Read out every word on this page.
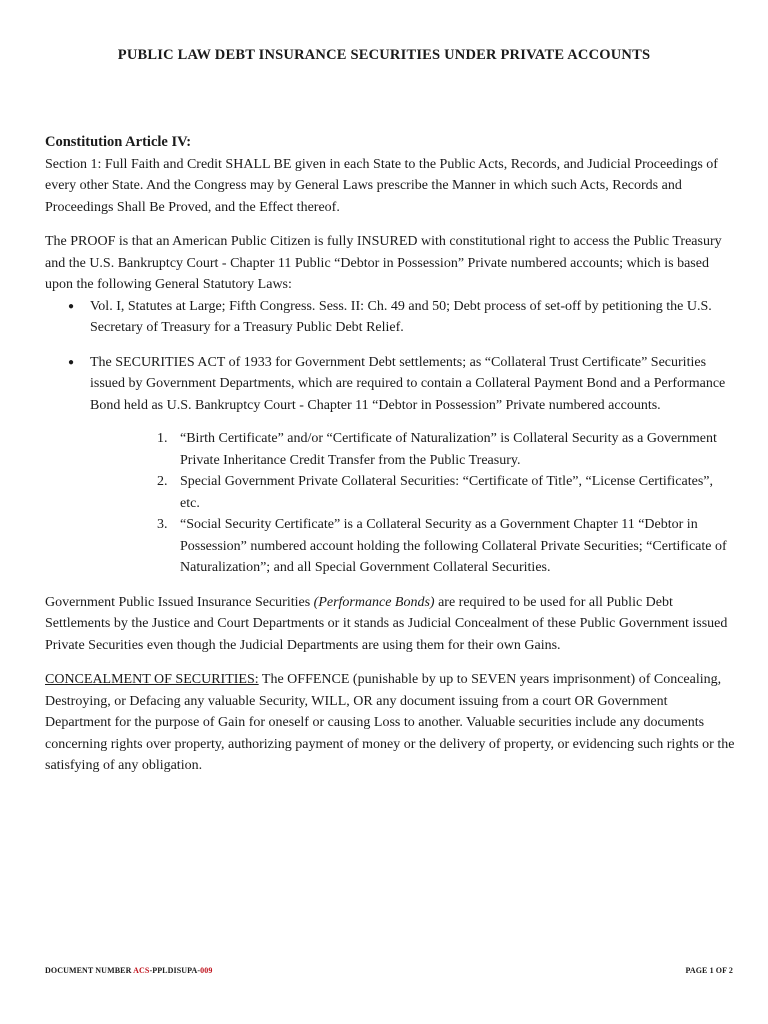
PUBLIC LAW DEBT INSURANCE SECURITIES UNDER PRIVATE ACCOUNTS

Constitution Article IV:

Section 1: Full Faith and Credit SHALL BE given in each State to the Public Acts, Records, and Judicial Proceedings of every other State. And the Congress may by General Laws prescribe the Manner in which such Acts, Records and Proceedings Shall Be Proved, and the Effect thereof.

The PROOF is that an American Public Citizen is fully INSURED with constitutional right to access the Public Treasury and the U.S. Bankruptcy Court - Chapter 11 Public “Debtor in Possession” Private numbered accounts; which is based upon the following General Statutory Laws:

● Vol. I, Statutes at Large; Fifth Congress. Sess. II: Ch. 49 and 50; Debt process of set-off by petitioning the U.S. Secretary of Treasury for a Treasury Public Debt Relief.
● The SECURITIES ACT of 1933 for Government Debt settlements; as “Collateral Trust Certificate” Securities issued by Government Departments, which are required to contain a Collateral Payment Bond and a Performance Bond held as U.S. Bankruptcy Court - Chapter 11 “Debtor in Possession” Private numbered accounts.
1. “Birth Certificate” and/or “Certificate of Naturalization” is Collateral Security as a Government Private Inheritance Credit Transfer from the Public Treasury.
2. Special Government Private Collateral Securities: “Certificate of Title”, “License Certificates”, etc.
3. “Social Security Certificate” is a Collateral Security as a Government Chapter 11 “Debtor in Possession” numbered account holding the following Collateral Private Securities; “Certificate of Naturalization”; and all Special Government Collateral Securities.

Government Public Issued Insurance Securities (Performance Bonds) are required to be used for all Public Debt Settlements by the Justice and Court Departments or it stands as Judicial Concealment of these Public Government issued Private Securities even though the Judicial Departments are using them for their own Gains.

CONCEALMENT OF SECURITIES: The OFFENCE (punishable by up to SEVEN years imprisonment) of Concealing, Destroying, or Defacing any valuable Security, WILL, OR any document issuing from a court OR Government Department for the purpose of Gain for oneself or causing Loss to another. Valuable securities include any documents concerning rights over property, authorizing payment of money or the delivery of property, or evidencing such rights or the satisfying of any obligation.

DOCUMENT NUMBER ACS-PPLDISUPA-009	PAGE 1 OF 2
